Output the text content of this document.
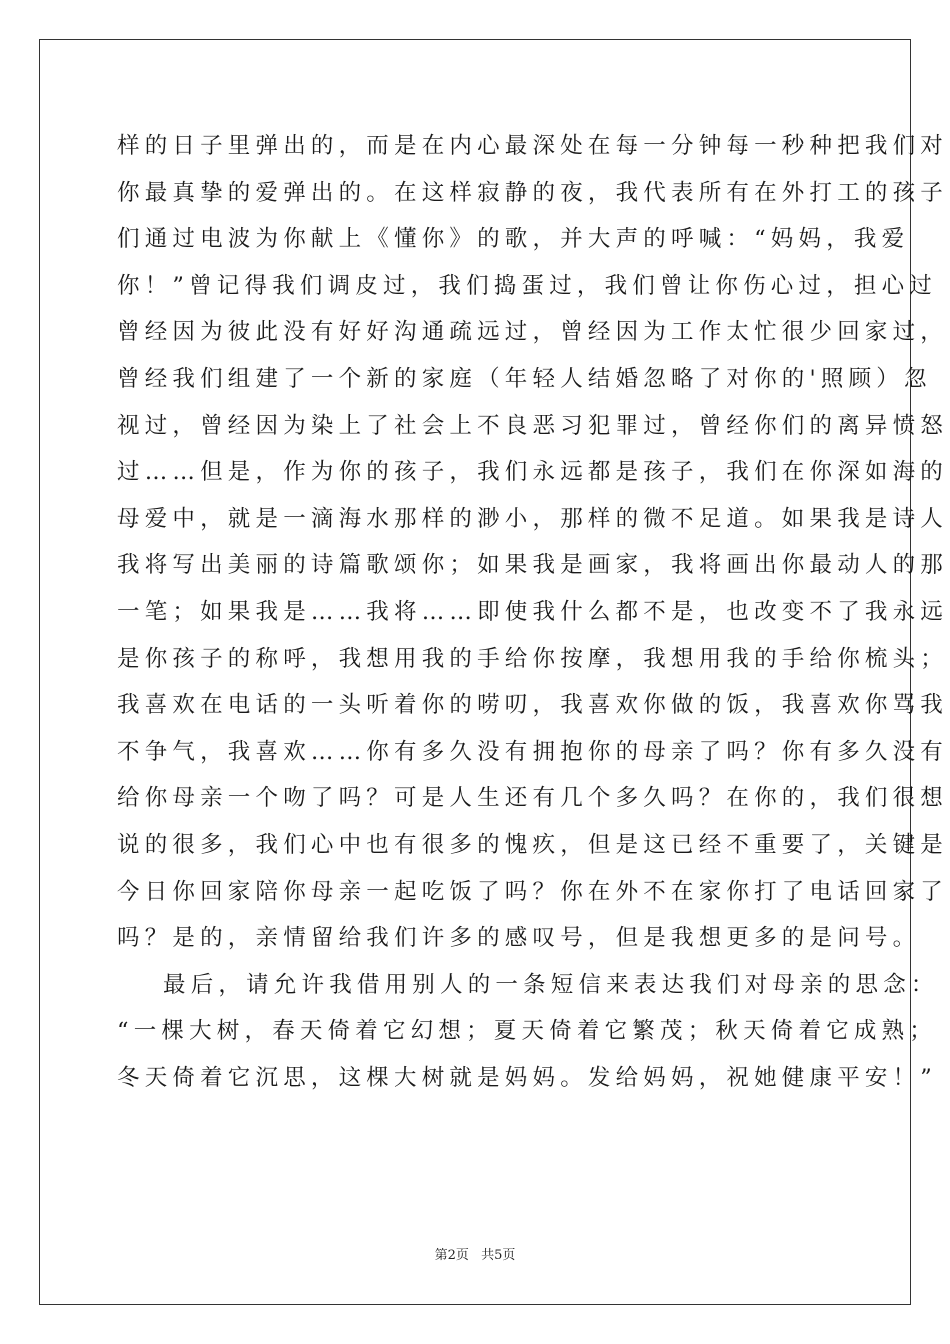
样的日子里弹出的，而是在内心最深处在每一分钟每一秒种把我们对
你最真挚的爱弹出的。在这样寂静的夜，我代表所有在外打工的孩子
们通过电波为你献上《懂你》的歌，并大声的呼喊：“妈妈，我爱
你！”曾记得我们调皮过，我们捣蛋过，我们曾让你伤心过，担心过
曾经因为彼此没有好好沟通疏远过，曾经因为工作太忙很少回家过，
曾经我们组建了一个新的家庭（年轻人结婚忽略了对你的'照顾）忽
视过，曾经因为染上了社会上不良恶习犯罪过，曾经你们的离异愤怒
过……但是，作为你的孩子，我们永远都是孩子，我们在你深如海的
母爱中，就是一滴海水那样的渺小，那样的微不足道。如果我是诗人
我将写出美丽的诗篇歌颂你；如果我是画家，我将画出你最动人的那
一笔；如果我是……我将……即使我什么都不是，也改变不了我永远
是你孩子的称呼，我想用我的手给你按摩，我想用我的手给你梳头；
我喜欢在电话的一头听着你的唠叨，我喜欢你做的饭，我喜欢你骂我
不争气，我喜欢……你有多久没有拥抱你的母亲了吗？你有多久没有
给你母亲一个吻了吗？可是人生还有几个多久吗？在你的，我们很想
说的很多，我们心中也有很多的愧疚，但是这已经不重要了，关键是
今日你回家陪你母亲一起吃饭了吗？你在外不在家你打了电话回家了
吗？是的，亲情留给我们许多的感叹号，但是我想更多的是问号。
最后，请允许我借用别人的一条短信来表达我们对母亲的思念：
“一棵大树，春天倚着它幻想；夏天倚着它繁茂；秋天倚着它成熟；
冬天倚着它沉思，这棵大树就是妈妈。发给妈妈，祝她健康平安！”
第2页 共5页
